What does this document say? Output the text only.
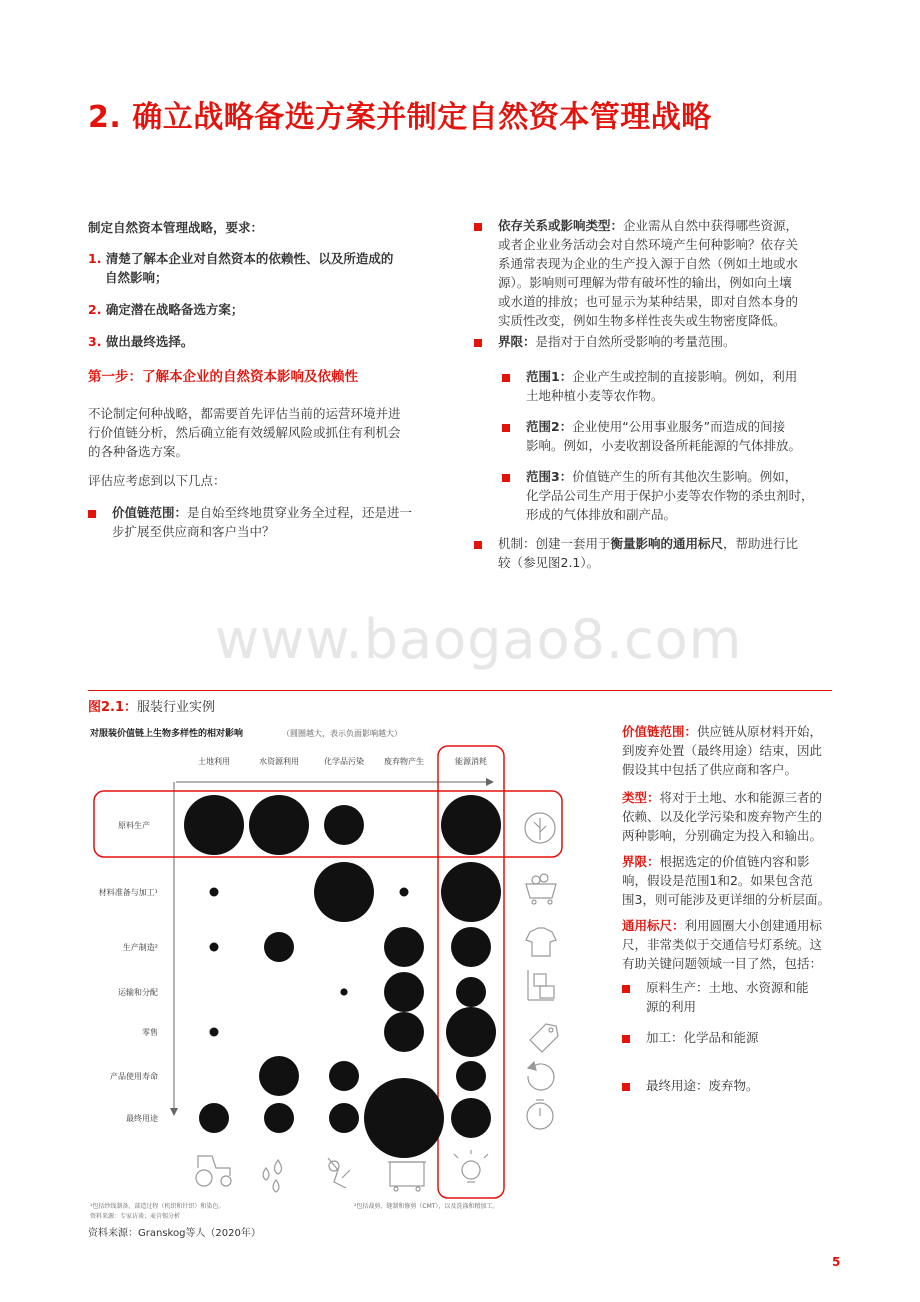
2. 确立战略备选方案并制定自然资本管理战略
制定自然资本管理战略，要求：
1. 清楚了解本企业对自然资本的依赖性、以及所造成的
自然影响；
2. 确定潜在战略备选方案；
3. 做出最终选择。
第一步：了解本企业的自然资本影响及依赖性
不论制定何种战略，都需要首先评估当前的运营环境并进
行价值链分析，然后确立能有效缓解风险或抓住有利机会
的各种备选方案。
评估应考虑到以下几点：
价值链范围：是自始至终地贯穿业务全过程，还是进一
步扩展至供应商和客户当中？
依存关系或影响类型：企业需从自然中获得哪些资源，
或者企业业务活动会对自然环境产生何种影响？依存关
系通常表现为企业的生产投入源于自然（例如土地或水
源）。影响则可理解为带有破坏性的输出，例如向土壤
或水道的排放；也可显示为某种结果，即对自然本身的
实质性改变，例如生物多样性丧失或生物密度降低。
界限：是指对于自然所受影响的考量范围。
范围1：企业产生或控制的直接影响。例如，利用
土地种植小麦等农作物。
范围2：企业使用“公用事业服务”而造成的间接
影响。例如，小麦收割设备所耗能源的气体排放。
范围3：价值链产生的所有其他次生影响。例如，
化学品公司生产用于保护小麦等农作物的杀虫剂时，
形成的气体排放和副产品。
机制：创建一套用于衡量影响的通用标尺，帮助进行比
较（参见图2.1）。
www.baogao8.com
图2.1：服装行业实例
对服装价值链上生物多样性的相对影响	（圆圈越大，表示负面影响越大）
土地利用	水资源利用	化学品污染	废弃物产生	能源消耗
原料生产
材料准备与加工¹
生产制造²
运输和分配
零售
产品使用寿命
最终用途
¹包括纱线制备、部造过程（机织和针织）和染色。
资料来源：专家访谈；麦肯锡分析
²包括裁剪、缝制和修剪（CMT），以及洗涤和精加工。
资料来源：Granskog等人（2020年）
价值链范围：供应链从原材料开始，
到废弃处置（最终用途）结束，因此
假设其中包括了供应商和客户。
类型：将对于土地、水和能源三者的
依赖、以及化学污染和废弃物产生的
两种影响，分别确定为投入和输出。
界限：根据选定的价值链内容和影
响，假设是范围1和2。如果包含范
围3，则可能涉及更详细的分析层面。
通用标尺：利用圆圈大小创建通用标
尺，非常类似于交通信号灯系统。这
有助关键问题领域一目了然，包括：
原料生产：土地、水资源和能
源的利用
加工：化学品和能源
最终用途：废弃物。
5
